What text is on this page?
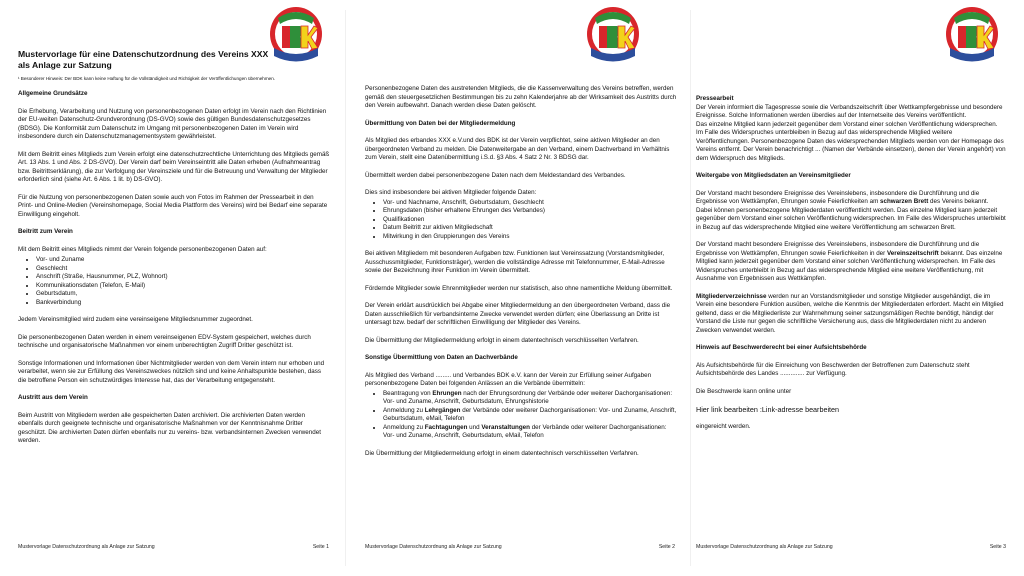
Mustervorlage für eine Datenschutzordnung des Vereins XXX
als Anlage zur Satzung
¹ Besonderer Hinweis: Der BDK kann keine Haftung für die Vollständigkeit und Richtigkeit der Veröffentlichungen übernehmen.
Allgemeine Grundsätze

Die Erhebung, Verarbeitung und Nutzung von personenbezogenen Daten erfolgt im Verein nach den Richtlinien der EU-weiten Datenschutz-Grundverordnung (DS-GVO) sowie des gültigen Bundesdatenschutzgesetzes (BDSG). Die Konformität zum Datenschutz im Umgang mit personenbezogenen Daten im Verein wird insbesondere durch ein Datenschutzmanagementsystem gewährleistet.

Mit dem Beitritt eines Mitglieds zum Verein erfolgt eine datenschutzrechtliche Unterrichtung des Mitglieds gemäß Art. 13 Abs. 1 und Abs. 2 DS-GVO). Der Verein darf beim Vereinseintritt alle Daten erheben (Aufnahmeantrag bzw. Beitrittserklärung), die zur Verfolgung der Vereinsziele und für die Betreuung und Verwaltung der Mitglieder erforderlich sind (siehe Art. 6 Abs. 1 lit. b) DS-GVO).

Für die Nutzung von personenbezogenen Daten sowie auch von Fotos im Rahmen der Pressearbeit in den Print- und Online-Medien (Vereinshomepage, Social Media Plattform des Vereins) wird bei Bedarf eine separate Einwilligung eingeholt.

Beitritt zum Verein

Mit dem Beitritt eines Mitglieds nimmt der Verein folgende personenbezogenen Daten auf:

• Vor- und Zuname
• Geschlecht
• Anschrift (Straße, Hausnummer, PLZ, Wohnort)
• Kommunikationsdaten (Telefon, E-Mail)
• Geburtsdatum,
• Bankverbindung

Jedem Vereinsmitglied wird zudem eine vereinseigene Mitgliedsnummer zugeordnet.

Die personenbezogenen Daten werden in einem vereinseigenen EDV-System gespeichert, welches durch technische und organisatorische Maßnahmen vor einem unberechtigten Zugriff Dritter geschützt ist.

Sonstige Informationen und Informationen über Nichtmitglieder werden von dem Verein intern nur erhoben und verarbeitet, wenn sie zur Erfüllung des Vereinszweckes nützlich sind und keine Anhaltspunkte bestehen, dass die betroffene Person ein schutzwürdiges Interesse hat, das der Verarbeitung entgegensteht.

Austritt aus dem Verein

Beim Austritt von Mitgliedern werden alle gespeicherten Daten archiviert. Die archivierten Daten werden ebenfalls durch geeignete technische und organisatorische Maßnahmen vor der Kenntnisnahme Dritter geschützt. Die archivierten Daten dürfen ebenfalls nur zu vereins- bzw. verbandsinternen Zwecken verwendet werden.

Mustervorlage Datenschutzordnung als Anlage zur Satzung	Seite 1

Personenbezogene Daten des austretenden Mitglieds, die die Kassenverwaltung des Vereins betreffen, werden gemäß den steuergesetzlichen Bestimmungen bis zu zehn Kalenderjahre ab der Wirksamkeit des Austritts durch den Verein aufbewahrt. Danach werden diese Daten gelöscht.

Übermittlung von Daten bei der Mitgliedermeldung

Als Mitglied des erbandes XXX e.V.und des BDK ist der Verein verpflichtet, seine aktiven Mitglieder an den übergeordneten Verband zu melden. Die Datenweitergabe an den Verband, einem Dachverband im Verhältnis zum Verein, stellt eine Datenübermittlung i.S.d. §3 Abs. 4 Satz 2 Nr. 3 BDSG dar.

Übermittelt werden dabei personenbezogene Daten nach dem Meldestandard des Verbandes.

Dies sind insbesondere bei aktiven Mitglieder folgende Daten:

• Vor- und Nachname, Anschrift, Geburtsdatum, Geschlecht
• Ehrungsdaten (bisher erhaltene Ehrungen des Verbandes)
• Qualifikationen
• Datum Beitritt zur aktiven Mitgliedschaft
• Mitwirkung in den Gruppierungen des Vereins

Bei aktiven Mitgliedern mit besonderen Aufgaben bzw. Funktionen laut Vereinssatzung (Vorstandsmitglieder, Ausschussmitglieder, Funktionsträger), werden die vollständige Adresse mit Telefonnummer, E-Mail-Adresse sowie der Bezeichnung ihrer Funktion im Verein übermittelt.

Fördernde Mitglieder sowie Ehrenmitglieder werden nur statistisch, also ohne namentliche Meldung übermittelt.

Der Verein erklärt ausdrücklich bei Abgabe einer Mitgliedermeldung an den übergeordneten Verband, dass die Daten ausschließlich für verbandsinterne Zwecke verwendet werden dürfen; eine Überlassung an Dritte ist untersagt bzw. bedarf der schriftlichen Einwilligung der Mitglieder des Vereins.

Die Übermittlung der Mitgliedermeldung erfolgt in einem datentechnisch verschlüsselten Verfahren.

Sonstige Übermittlung von Daten an Dachverbände

Als Mitglied des Verband ......... und Verbandes BDK e.V. kann der Verein zur Erfüllung seiner Aufgaben personenbezogene Daten bei folgenden Anlässen an die Verbände übermitteln:

• Beantragung von Ehrungen nach der Ehrungsordnung der Verbände oder weiterer Dachorganisationen: Vor- und Zuname, Anschrift, Geburtsdatum, Ehrungshistorie
• Anmeldung zu Lehrgängen der Verbände oder weiterer Dachorganisationen: Vor- und Zuname, Anschrift, Geburtsdatum, eMail, Telefon
• Anmeldung zu Fachtagungen und Veranstaltungen der Verbände oder weiterer Dachorganisationen: Vor- und Zuname, Anschrift, Geburtsdatum, eMail, Telefon

Die Übermittlung der Mitgliedermeldung erfolgt in einem datentechnisch verschlüsselten Verfahren.

Mustervorlage Datenschutzordnung als Anlage zur Satzung	Seite 2
Pressearbeit

Der Verein informiert die Tagespresse sowie die Verbandszeitschrift über Wettkampfergebnisse und besondere Ereignisse. Solche Informationen werden überdies auf der Internetseite des Vereins veröffentlicht.

Das einzelne Mitglied kann jederzeit gegenüber dem Vorstand einer solchen Veröffentlichung widersprechen. Im Falle des Widerspruches unterbleiben in Bezug auf das widersprechende Mitglied weitere Veröffentlichungen. Personenbezogene Daten des widersprechenden Mitglieds werden von der Homepage des Vereins entfernt. Der Verein benachrichtigt ... (Namen der Verbände einsetzen), denen der Verein angehört) von dem Widerspruch des Mitglieds.

Weitergabe von Mitgliedsdaten an Vereinsmitglieder

Der Vorstand macht besondere Ereignisse des Vereinslebens, insbesondere die Durchführung und die Ergebnisse von Wettkämpfen, Ehrungen sowie Feierlichkeiten am schwarzen Brett des Vereins bekannt. Dabei können personenbezogene Mitgliederdaten veröffentlicht werden. Das einzelne Mitglied kann jederzeit gegenüber dem Vorstand einer solchen Veröffentlichung widersprechen. Im Falle des Widerspruches unterbleibt in Bezug auf das widersprechende Mitglied eine weitere Veröffentlichung am schwarzen Brett.

Der Vorstand macht besondere Ereignisse des Vereinslebens, insbesondere die Durchführung und die Ergebnisse von Wettkämpfen, Ehrungen sowie Feierlichkeiten in der Vereinszeitschrift bekannt. Das einzelne Mitglied kann jederzeit gegenüber dem Vorstand einer solchen Veröffentlichung widersprechen. Im Falle des Widerspruches unterbleibt in Bezug auf das widersprechende Mitglied eine weitere Veröffentlichung, mit Ausnahme von Ergebnissen aus Wettkämpfen.

Mitgliederverzeichnisse werden nur an Vorstandsmitglieder und sonstige Mitglieder ausgehändigt, die im Verein eine besondere Funktion ausüben, welche die Kenntnis der Mitgliederdaten erfordert. Macht ein Mitglied geltend, dass er die Mitgliederliste zur Wahrnehmung seiner satzungsmäßigen Rechte benötigt, händigt der Vorstand die Liste nur gegen die schriftliche Versicherung aus, dass die Mitgliederdaten nicht zu anderen Zwecken verwendet werden.

Hinweis auf Beschwerderecht bei einer Aufsichtsbehörde

Als Aufsichtsbehörde für die Einreichung von Beschwerden der Betroffenen zum Datenschutz steht Aufsichtsbehörde des Landes .............. zur Verfügung.

Die Beschwerde kann online unter

Hier link bearbeiten :Link-adresse bearbeiten

eingereicht werden.

Mustervorlage Datenschutzordnung als Anlage zur Satzung	Seite 3
